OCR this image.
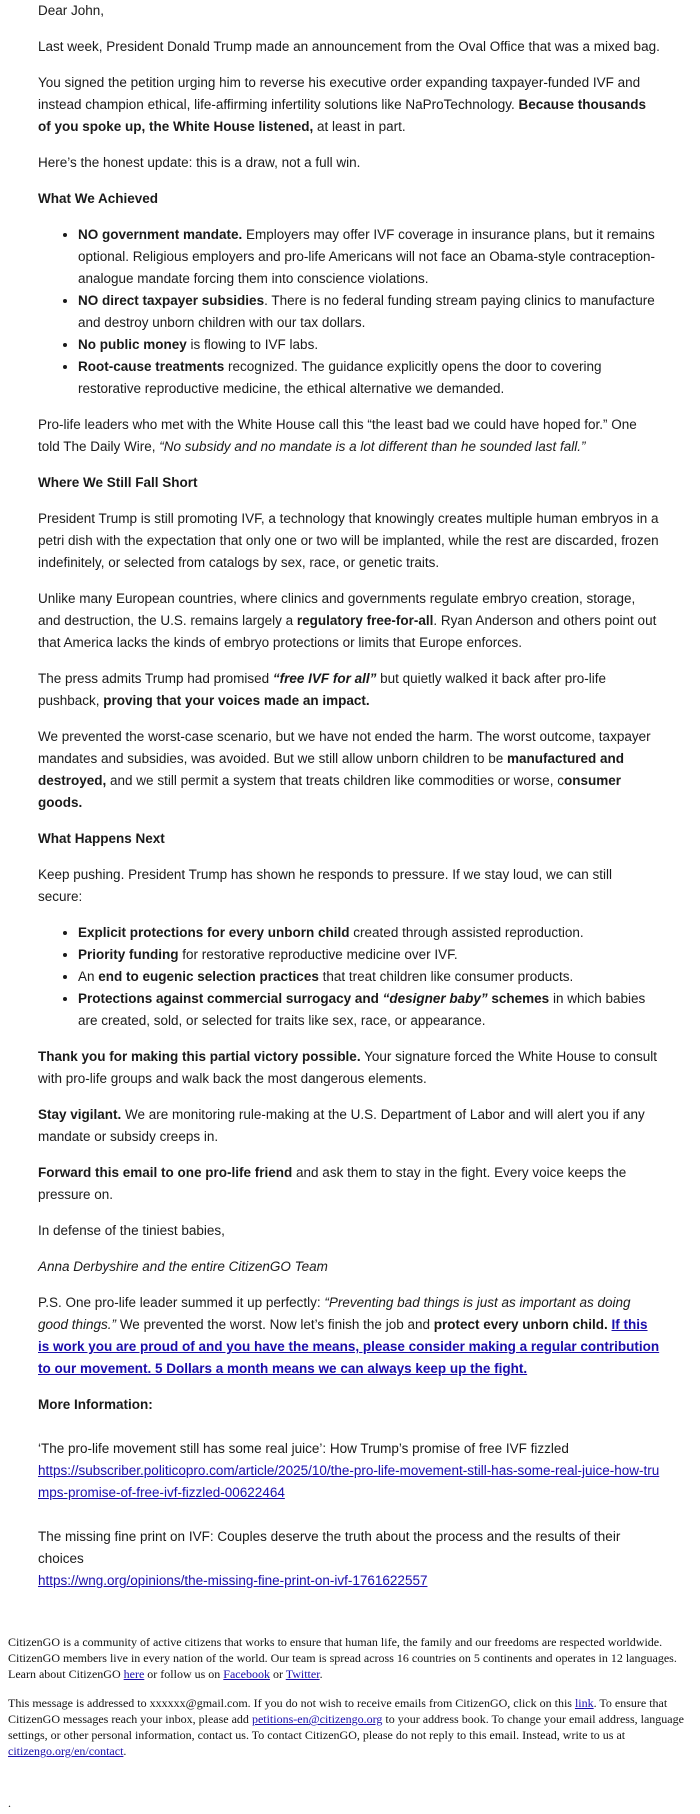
Dear John,

Last week, President Donald Trump made an announcement from the Oval Office that was a mixed bag.

You signed the petition urging him to reverse his executive order expanding taxpayer-funded IVF and instead champion ethical, life-affirming infertility solutions like NaProTechnology. Because thousands of you spoke up, the White House listened, at least in part.

Here’s the honest update: this is a draw, not a full win.

What We Achieved
• NO government mandate. Employers may offer IVF coverage in insurance plans, but it remains optional. Religious employers and pro-life Americans will not face an Obama-style contraception-analogue mandate forcing them into conscience violations.
• NO direct taxpayer subsidies. There is no federal funding stream paying clinics to manufacture and destroy unborn children with our tax dollars.
• No public money is flowing to IVF labs.
• Root-cause treatments recognized. The guidance explicitly opens the door to covering restorative reproductive medicine, the ethical alternative we demanded.

Pro-life leaders who met with the White House call this “the least bad we could have hoped for.” One told The Daily Wire, “No subsidy and no mandate is a lot different than he sounded last fall.”

Where We Still Fall Short

President Trump is still promoting IVF, a technology that knowingly creates multiple human embryos in a petri dish with the expectation that only one or two will be implanted, while the rest are discarded, frozen indefinitely, or selected from catalogs by sex, race, or genetic traits.

Unlike many European countries, where clinics and governments regulate embryo creation, storage, and destruction, the U.S. remains largely a regulatory free-for-all. Ryan Anderson and others point out that America lacks the kinds of embryo protections or limits that Europe enforces.

The press admits Trump had promised “free IVF for all” but quietly walked it back after pro-life pushback, proving that your voices made an impact.

We prevented the worst-case scenario, but we have not ended the harm. The worst outcome, taxpayer mandates and subsidies, was avoided. But we still allow unborn children to be manufactured and destroyed, and we still permit a system that treats children like commodities or worse, consumer goods.

What Happens Next

Keep pushing. President Trump has shown he responds to pressure. If we stay loud, we can still secure:

• Explicit protections for every unborn child created through assisted reproduction.
• Priority funding for restorative reproductive medicine over IVF.
• An end to eugenic selection practices that treat children like consumer products.
• Protections against commercial surrogacy and “designer baby” schemes in which babies are created, sold, or selected for traits like sex, race, or appearance.

Thank you for making this partial victory possible. Your signature forced the White House to consult with pro-life groups and walk back the most dangerous elements.

Stay vigilant. We are monitoring rule-making at the U.S. Department of Labor and will alert you if any mandate or subsidy creeps in.

Forward this email to one pro-life friend and ask them to stay in the fight. Every voice keeps the pressure on.

In defense of the tiniest babies,

Anna Derbyshire and the entire CitizenGO Team

P.S. One pro-life leader summed it up perfectly: “Preventing bad things is just as important as doing good things.” We prevented the worst. Now let’s finish the job and protect every unborn child. If this is work you are proud of and you have the means, please consider making a regular contribution to our movement. 5 Dollars a month means we can always keep up the fight.

More Information:
‘The pro-life movement still has some real juice’: How Trump’s promise of free IVF fizzled
https://subscriber.politicopro.com/article/2025/10/the-pro-life-movement-still-has-some-real-juice-how-trumps-promise-of-free-ivf-fizzled-00622464
The missing fine print on IVF: Couples deserve the truth about the process and the results of their choices
https://wng.org/opinions/the-missing-fine-print-on-ivf-1761622557

CitizenGO is a community of active citizens that works to ensure that human life, the family and our freedoms are respected worldwide. CitizenGO members live in every nation of the world. Our team is spread across 16 countries on 5 continents and operates in 12 languages. Learn about CitizenGO here or follow us on Facebook or Twitter.

This message is addressed to xxxxxx@gmail.com. If you do not wish to receive emails from CitizenGO, click on this link. To ensure that CitizenGO messages reach your inbox, please add petitions-en@citizengo.org to your address book. To change your email address, language settings, or other personal information, contact us. To contact CitizenGO, please do not reply to this email. Instead, write to us at citizengo.org/en/contact.

.
